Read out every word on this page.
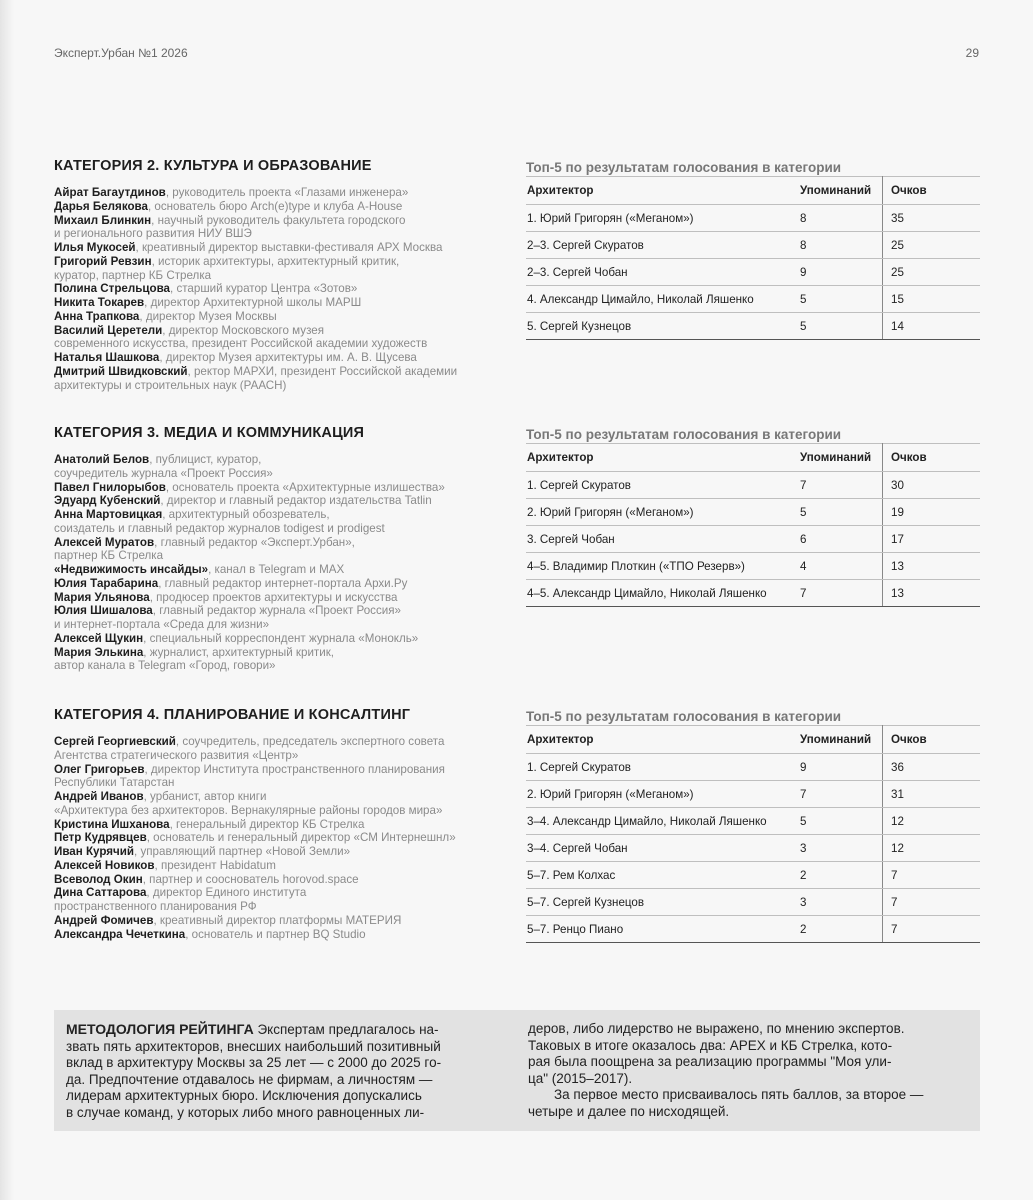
Эксперт.Урбан №1 2026	29
КАТЕГОРИЯ 2. КУЛЬТУРА И ОБРАЗОВАНИЕ
Айрат Багаутдинов, руководитель проекта «Глазами инженера»
Дарья Белякова, основатель бюро Arch(e)type и клуба A-House
Михаил Блинкин, научный руководитель факультета городского
и регионального развития НИУ ВШЭ
Илья Мукосей, креативный директор выставки-фестиваля АРХ Москва
Григорий Ревзин, историк архитектуры, архитектурный критик,
куратор, партнер КБ Стрелка
Полина Стрельцова, старший куратор Центра «Зотов»
Никита Токарев, директор Архитектурной школы МАРШ
Анна Трапкова, директор Музея Москвы
Василий Церетели, директор Московского музея
современного искусства, президент Российской академии художеств
Наталья Шашкова, директор Музея архитектуры им. А. В. Щусева
Дмитрий Швидковский, ректор МАРХИ, президент Российской академии
архитектуры и строительных наук (РААСН)
Топ-5 по результатам голосования в категории
Архитектор	Упоминаний	Очков
1. Юрий Григорян («Меганом»)	8	35
2–3. Сергей Скуратов	8	25
2–3. Сергей Чобан	9	25
4. Александр Цимайло, Николай Ляшенко	5	15
5. Сергей Кузнецов	5	14
КАТЕГОРИЯ 3. МЕДИА И КОММУНИКАЦИЯ
Анатолий Белов, публицист, куратор,
соучредитель журнала «Проект Россия»
Павел Гнилорыбов, основатель проекта «Архитектурные излишества»
Эдуард Кубенский, директор и главный редактор издательства Tatlin
Анна Мартовицкая, архитектурный обозреватель,
соиздатель и главный редактор журналов todigest и prodigest
Алексей Муратов, главный редактор «Эксперт.Урбан»,
партнер КБ Стрелка
«Недвижимость инсайды», канал в Telegram и MAX
Юлия Тарабарина, главный редактор интернет-портала Архи.Ру
Мария Ульянова, продюсер проектов архитектуры и искусства
Юлия Шишалова, главный редактор журнала «Проект Россия»
и интернет-портала «Среда для жизни»
Алексей Щукин, специальный корреспондент журнала «Монокль»
Мария Элькина, журналист, архитектурный критик,
автор канала в Telegram «Город, говори»
Топ-5 по результатам голосования в категории
Архитектор	Упоминаний	Очков
1. Сергей Скуратов	7	30
2. Юрий Григорян («Меганом»)	5	19
3. Сергей Чобан	6	17
4–5. Владимир Плоткин («ТПО Резерв»)	4	13
4–5. Александр Цимайло, Николай Ляшенко	7	13
КАТЕГОРИЯ 4. ПЛАНИРОВАНИЕ И КОНСАЛТИНГ
Сергей Георгиевский, соучредитель, председатель экспертного совета
Агентства стратегического развития «Центр»
Олег Григорьев, директор Института пространственного планирования
Республики Татарстан
Андрей Иванов, урбанист, автор книги
«Архитектура без архитекторов. Вернакулярные районы городов мира»
Кристина Ишханова, генеральный директор КБ Стрелка
Петр Кудрявцев, основатель и генеральный директор «СМ Интернешнл»
Иван Курячий, управляющий партнер «Новой Земли»
Алексей Новиков, президент Habidatum
Всеволод Окин, партнер и сооснователь horovod.space
Дина Саттарова, директор Единого института
пространственного планирования РФ
Андрей Фомичев, креативный директор платформы МАТЕРИЯ
Александра Чечеткина, основатель и партнер BQ Studio
Топ-5 по результатам голосования в категории
Архитектор	Упоминаний	Очков
1. Сергей Скуратов	9	36
2. Юрий Григорян («Меганом»)	7	31
3–4. Александр Цимайло, Николай Ляшенко	5	12
3–4. Сергей Чобан	3	12
5–7. Рем Колхас	2	7
5–7. Сергей Кузнецов	3	7
5–7. Ренцо Пиано	2	7
МЕТОДОЛОГИЯ РЕЙТИНГА Экспертам предлагалось на-
звать пять архитекторов, внесших наибольший позитивный
вклад в архитектуру Москвы за 25 лет — с 2000 до 2025 го-
да. Предпочтение отдавалось не фирмам, а личностям —
лидерам архитектурных бюро. Исключения допускались
в случае команд, у которых либо много равноценных ли-
деров, либо лидерство не выражено, по мнению экспертов.
Таковых в итоге оказалось два: АРЕХ и КБ Стрелка, кото-
рая была поощрена за реализацию программы "Моя ули-
ца" (2015–2017).
За первое место присваивалось пять баллов, за второе —
четыре и далее по нисходящей.
